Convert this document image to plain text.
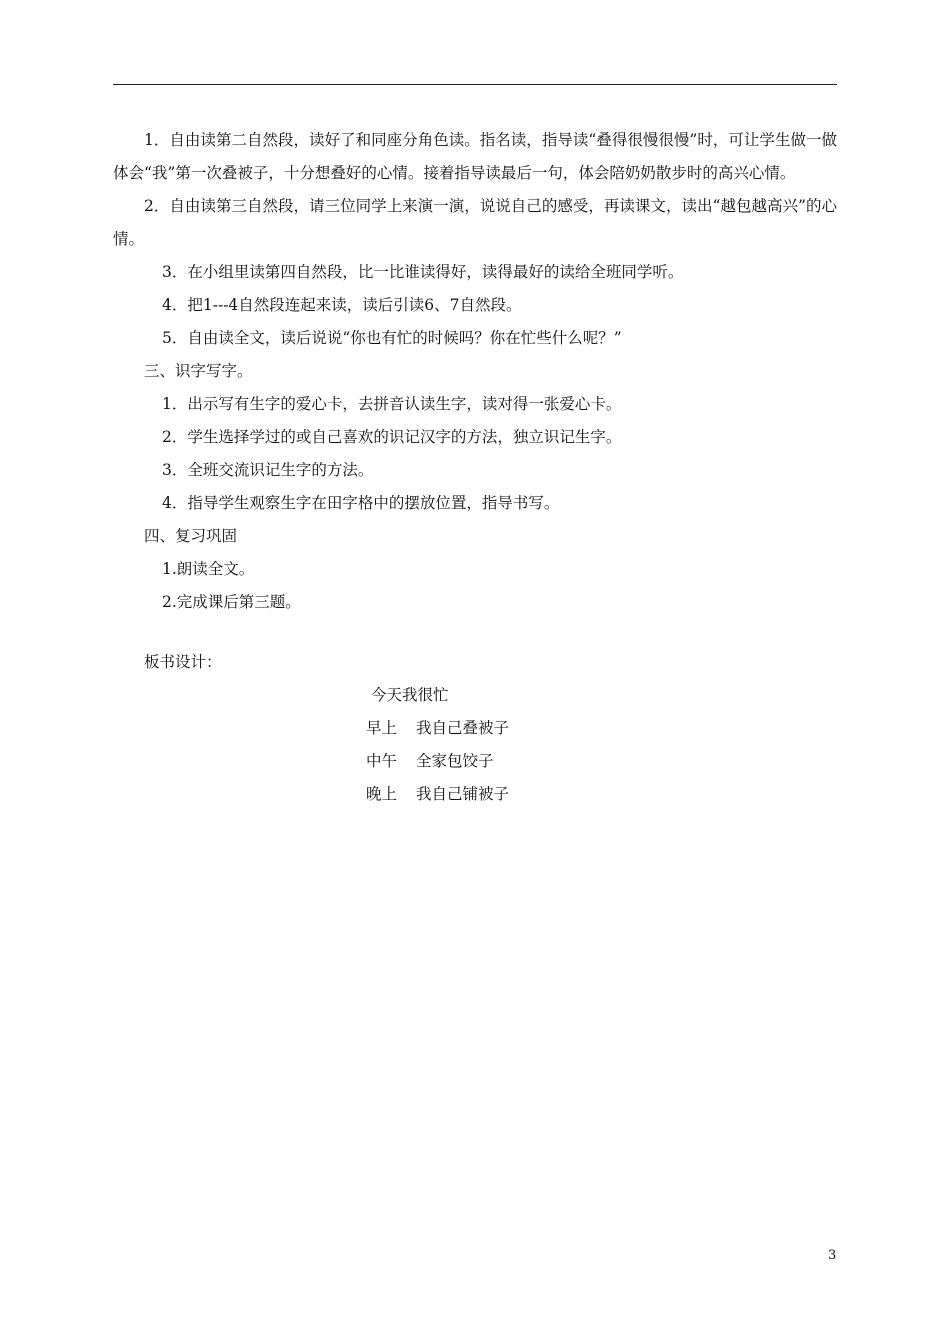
1．自由读第二自然段，读好了和同座分角色读。指名读，指导读“叠得很慢很慢”时，可让学生做一做体会“我”第一次叠被子，十分想叠好的心情。接着指导读最后一句，体会陪奶奶散步时的高兴心情。

2．自由读第三自然段，请三位同学上来演一演，说说自己的感受，再读课文，读出“越包越高兴”的心情。

3．在小组里读第四自然段，比一比谁读得好，读得最好的读给全班同学听。

4．把1---4自然段连起来读，读后引读6、7自然段。

5．自由读全文，读后说说“你也有忙的时候吗？你在忙些什么呢？”

三、识字写字。

1．出示写有生字的爱心卡，去拼音认读生字，读对得一张爱心卡。

2．学生选择学过的或自己喜欢的识记汉字的方法，独立识记生字。

3．全班交流识记生字的方法。

4．指导学生观察生字在田字格中的摆放位置，指导书写。

四、复习巩固

1.朗读全文。

2.完成课后第三题。

板书设计：

今天我很忙

早上 我自己叠被子

中午 全家包饺子

晚上 我自己铺被子

3
